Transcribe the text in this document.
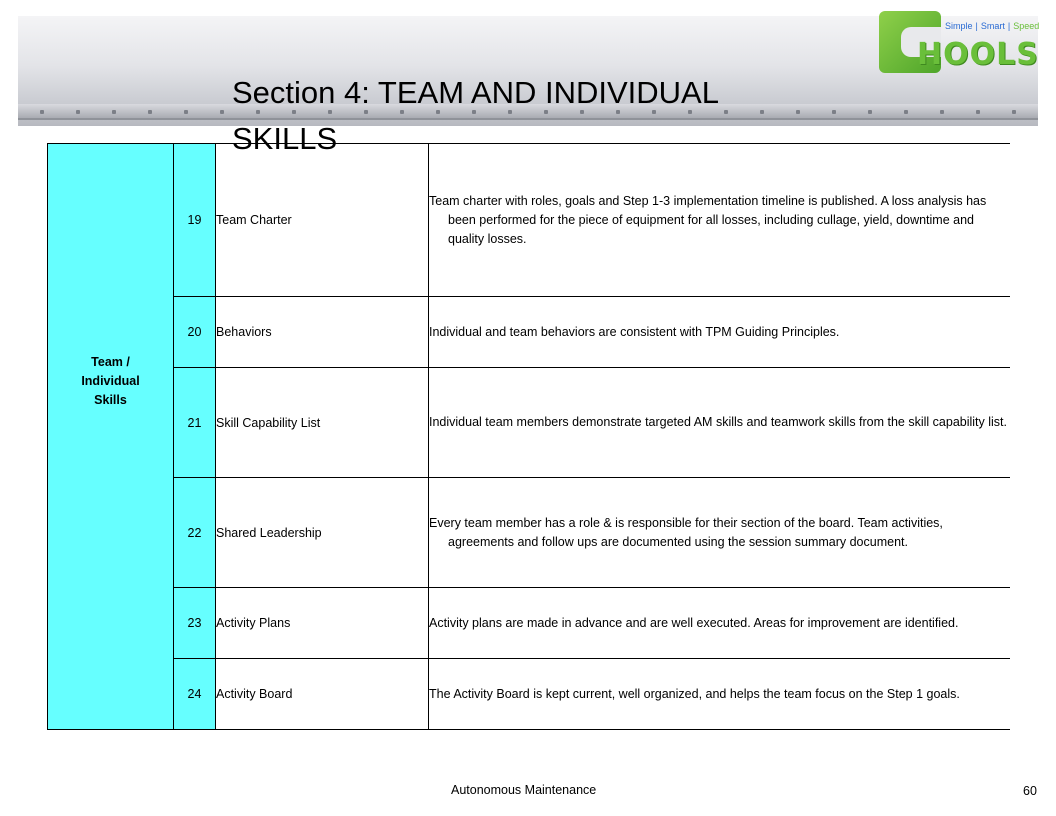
Simple | Smart | Speed
HOOLS
Section 4: TEAM AND INDIVIDUAL SKILLS
Team / Individual Skills	19	Team Charter	Team charter with roles, goals and Step 1-3 implementation timeline is published. A loss analysis has been performed for the piece of equipment for all losses, including cullage, yield, downtime and quality losses.

	20	Behaviors	Individual and team behaviors are consistent with TPM Guiding Principles.

	21	Skill Capability List	Individual team members demonstrate targeted AM skills and teamwork skills from the skill capability list.

	22	Shared Leadership	Every team member has a role & is responsible for their section of the board. Team activities, agreements and follow ups are documented using the session summary document.

	23	Activity Plans	Activity plans are made in advance and are well executed. Areas for improvement are identified.

	24	Activity Board	The Activity Board is kept current, well organized, and helps the team focus on the Step 1 goals.
Autonomous Maintenance	60
